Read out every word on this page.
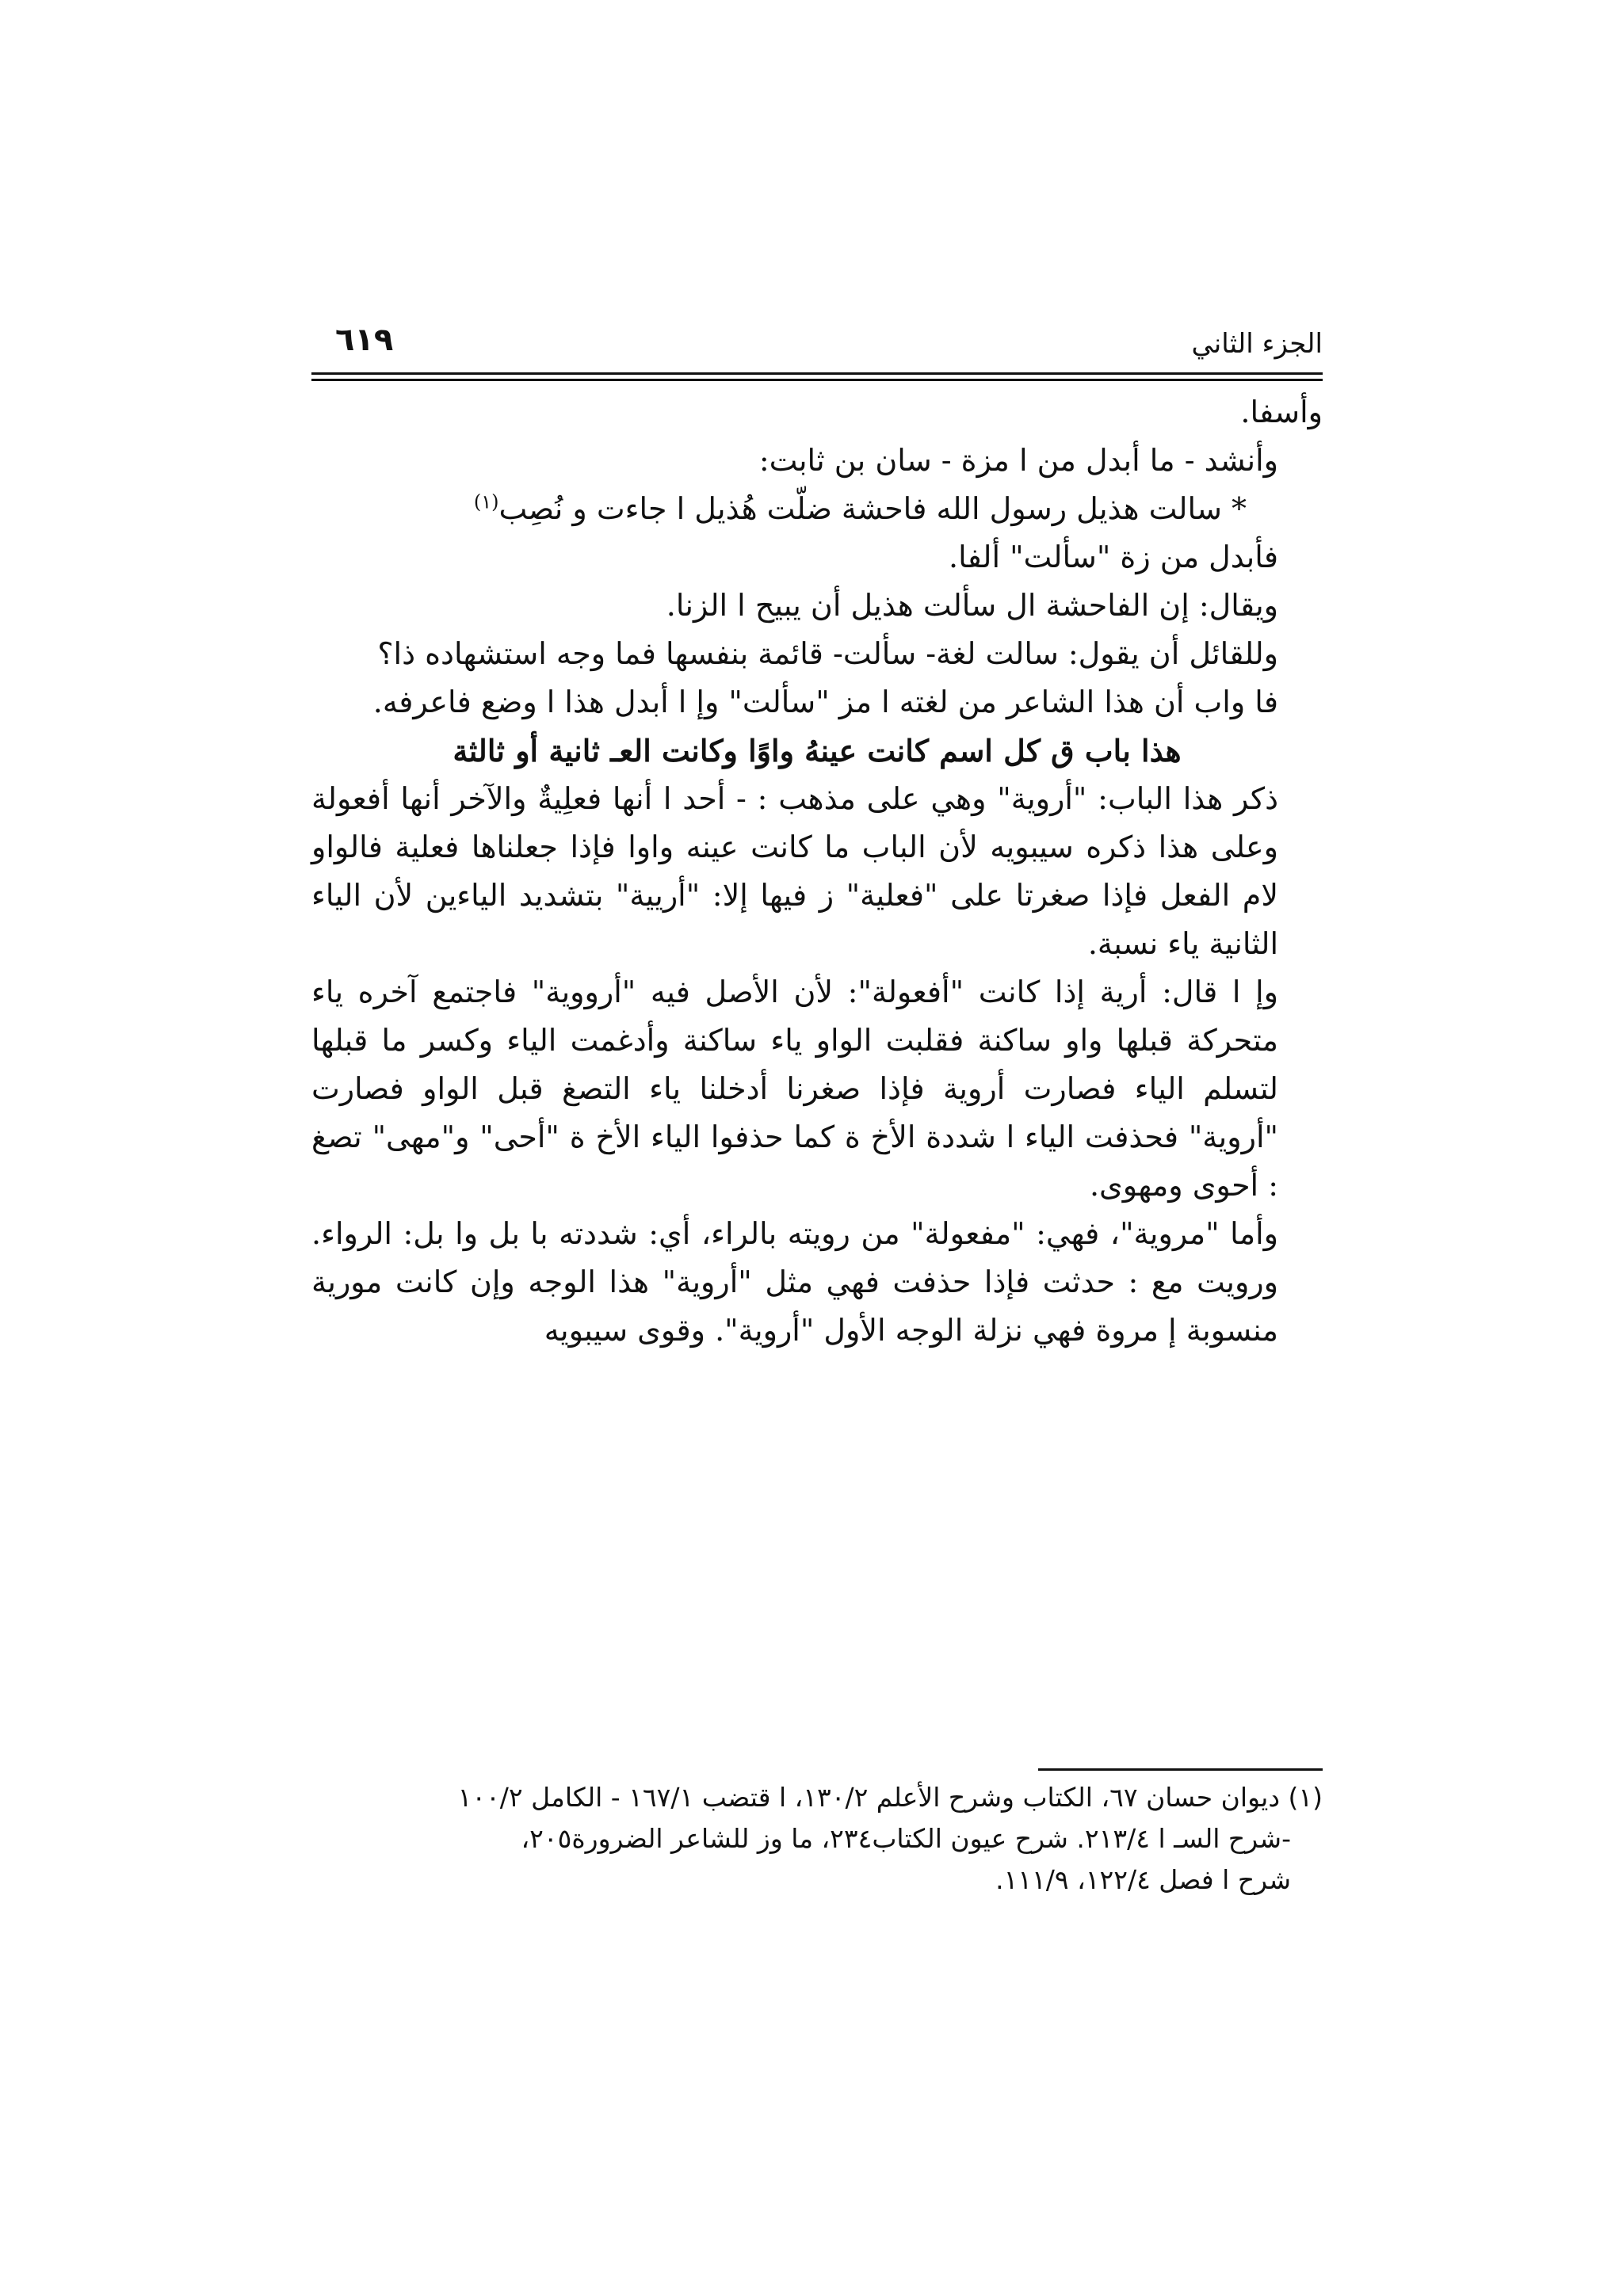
الجزء الثاني
٦١٩

وأسفا.

وأنشد - ما أبدل من ا مزة - سان بن ثابت:

* سالت هذيل رسول الله فاحشة ضلّت هُذيل ا جاءت و نُصِب$^{(١)}$

فأبدل من زة "سألت" ألفا.

ويقال: إن الفاحشة ال سألت هذيل أن يبيح ا الزنا.

وللقائل أن يقول: سالت لغة- سألت- قائمة بنفسها فما وجه استشهاده ذا؟

فا واب أن هذا الشاعر من لغته ا مز "سألت" وإ ا أبدل هذا ا وضع فاعرفه.

هذا باب ق كل اسم كانت عينهُ واوًا وكانت العـ ثانية أو ثالثة

ذكر هذا الباب: "أروية" وهي على مذهب : - أحد ا أنها فعلِيةٌ والآخر أنها أفعولة وعلى هذا ذكره سيبويه لأن الباب ما كانت عينه واوا فإذا جعلناها فعلية فالواو لام الفعل فإذا صغرتا على "فعلية" ز فيها إلا: "أريية" بتشديد الياءين لأن الياء الثانية ياء نسبة.

وإ ا قال: أرية إذا كانت "أفعولة": لأن الأصل فيه "أرووية" فاجتمع آخره ياء متحركة قبلها واو ساكنة فقلبت الواو ياء ساكنة وأدغمت الياء وكسر ما قبلها لتسلم الياء فصارت أروية فإذا صغرنا أدخلنا ياء التصغ قبل الواو فصارت "أروية" فحذفت الياء ا شددة الأخ ة كما حذفوا الياء الأخ ة "أحى" و"مهى" تصغ : أحوى ومهوى.

وأما "مروية"، فهي: "مفعولة" من رويته بالراء، أي: شددته با بل وا بل: الرواء. ورويت مع : حدثت فإذا حذفت فهي مثل "أروية" هذا الوجه وإن كانت مورية منسوبة إ مروة فهي نزلة الوجه الأول "أروية". وقوى سيبويه

(١) ديوان حسان ٦٧، الكتاب وشرح الأعلم ١٣٠/٢، ا قتضب ١٦٧/١ - الكامل ١٠٠/٢

-شرح السـ ا ٢١٣/٤. شرح عيون الكتاب٢٣٤، ما وز للشاعر الضرورة٢٠٥،

شرح ا فصل ١٢٢/٤، ١١١/٩.
